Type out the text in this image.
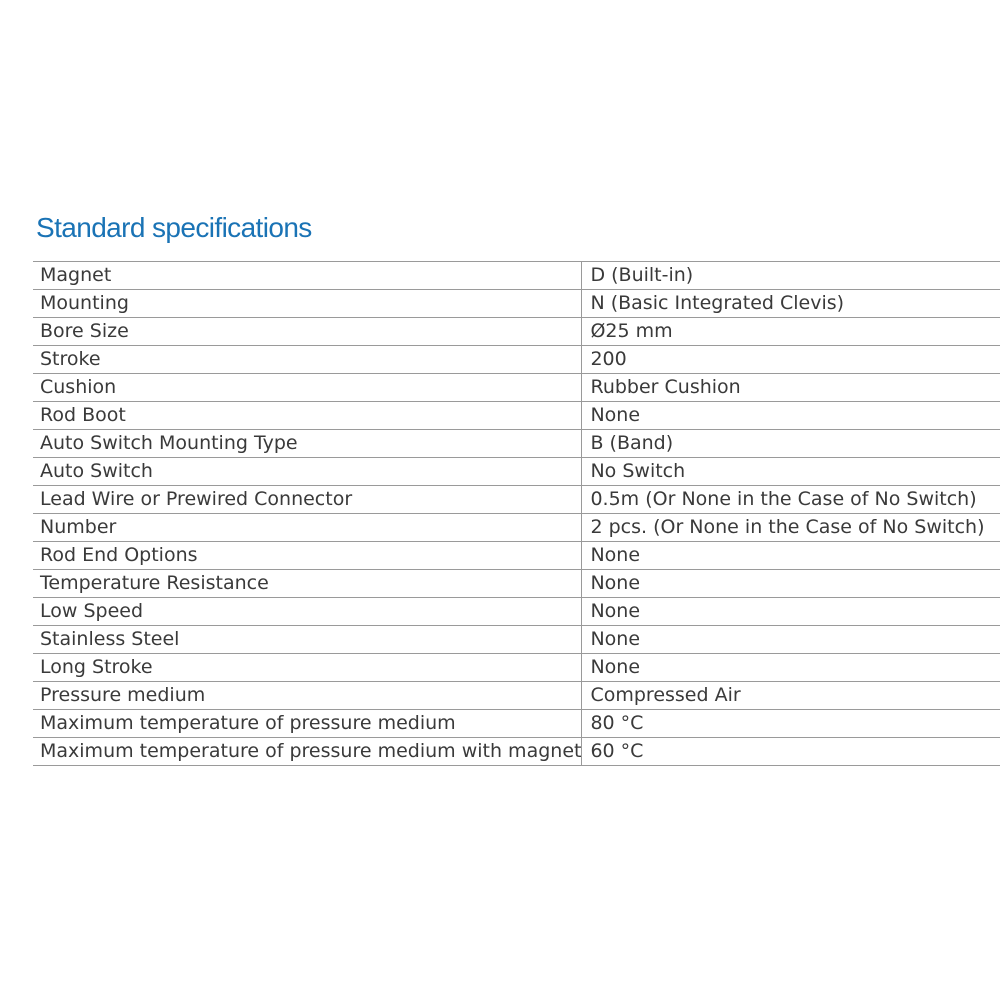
Standard specifications
Magnet	D (Built-in)
Mounting	N (Basic Integrated Clevis)
Bore Size	Ø25 mm
Stroke	200
Cushion	Rubber Cushion
Rod Boot	None
Auto Switch Mounting Type	B (Band)
Auto Switch	No Switch
Lead Wire or Prewired Connector	0.5m (Or None in the Case of No Switch)
Number	2 pcs. (Or None in the Case of No Switch)
Rod End Options	None
Temperature Resistance	None
Low Speed	None
Stainless Steel	None
Long Stroke	None
Pressure medium	Compressed Air
Maximum temperature of pressure medium	80 °C
Maximum temperature of pressure medium with magnet	60 °C
